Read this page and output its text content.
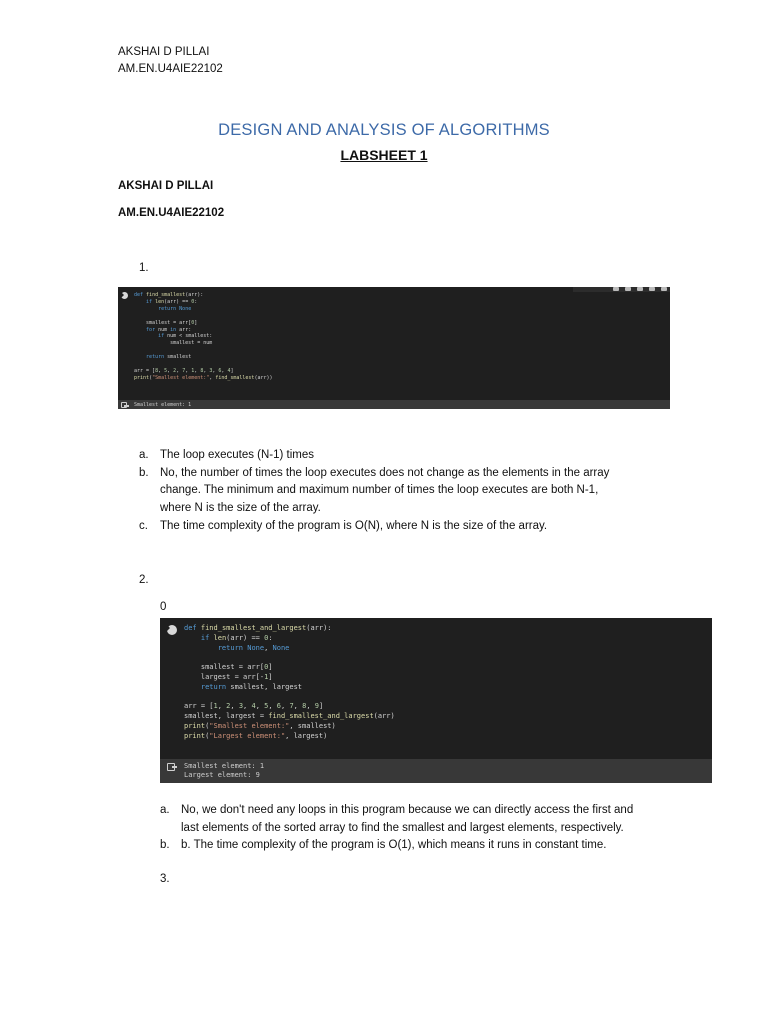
AKSHAI D PILLAI
AM.EN.U4AIE22102
DESIGN AND ANALYSIS OF ALGORITHMS
LABSHEET 1
AKSHAI D PILLAI
AM.EN.U4AIE22102
1.
def find_smallest(arr):
if len(arr) == 0:
return None
smallest = arr[0]
for num in arr:
if num < smallest:
smallest = num
return smallest
arr = [8, 5, 2, 7, 1, 8, 3, 6, 4]
print("Smallest element:", find_smallest(arr))
Smallest element: 1
a. The loop executes (N-1) times
b. No, the number of times the loop executes does not change as the elements in the array
change. The minimum and maximum number of times the loop executes are both N-1,
where N is the size of the array.
c. The time complexity of the program is O(N), where N is the size of the array.
2.
0
def find_smallest_and_largest(arr):
if len(arr) == 0:
return None, None
smallest = arr[0]
largest = arr[-1]
return smallest, largest
arr = [1, 2, 3, 4, 5, 6, 7, 8, 9]
smallest, largest = find_smallest_and_largest(arr)
print("Smallest element:", smallest)
print("Largest element:", largest)
Smallest element: 1
Largest element: 9
a. No, we don't need any loops in this program because we can directly access the first and
last elements of the sorted array to find the smallest and largest elements, respectively.
b. b. The time complexity of the program is O(1), which means it runs in constant time.
3.
